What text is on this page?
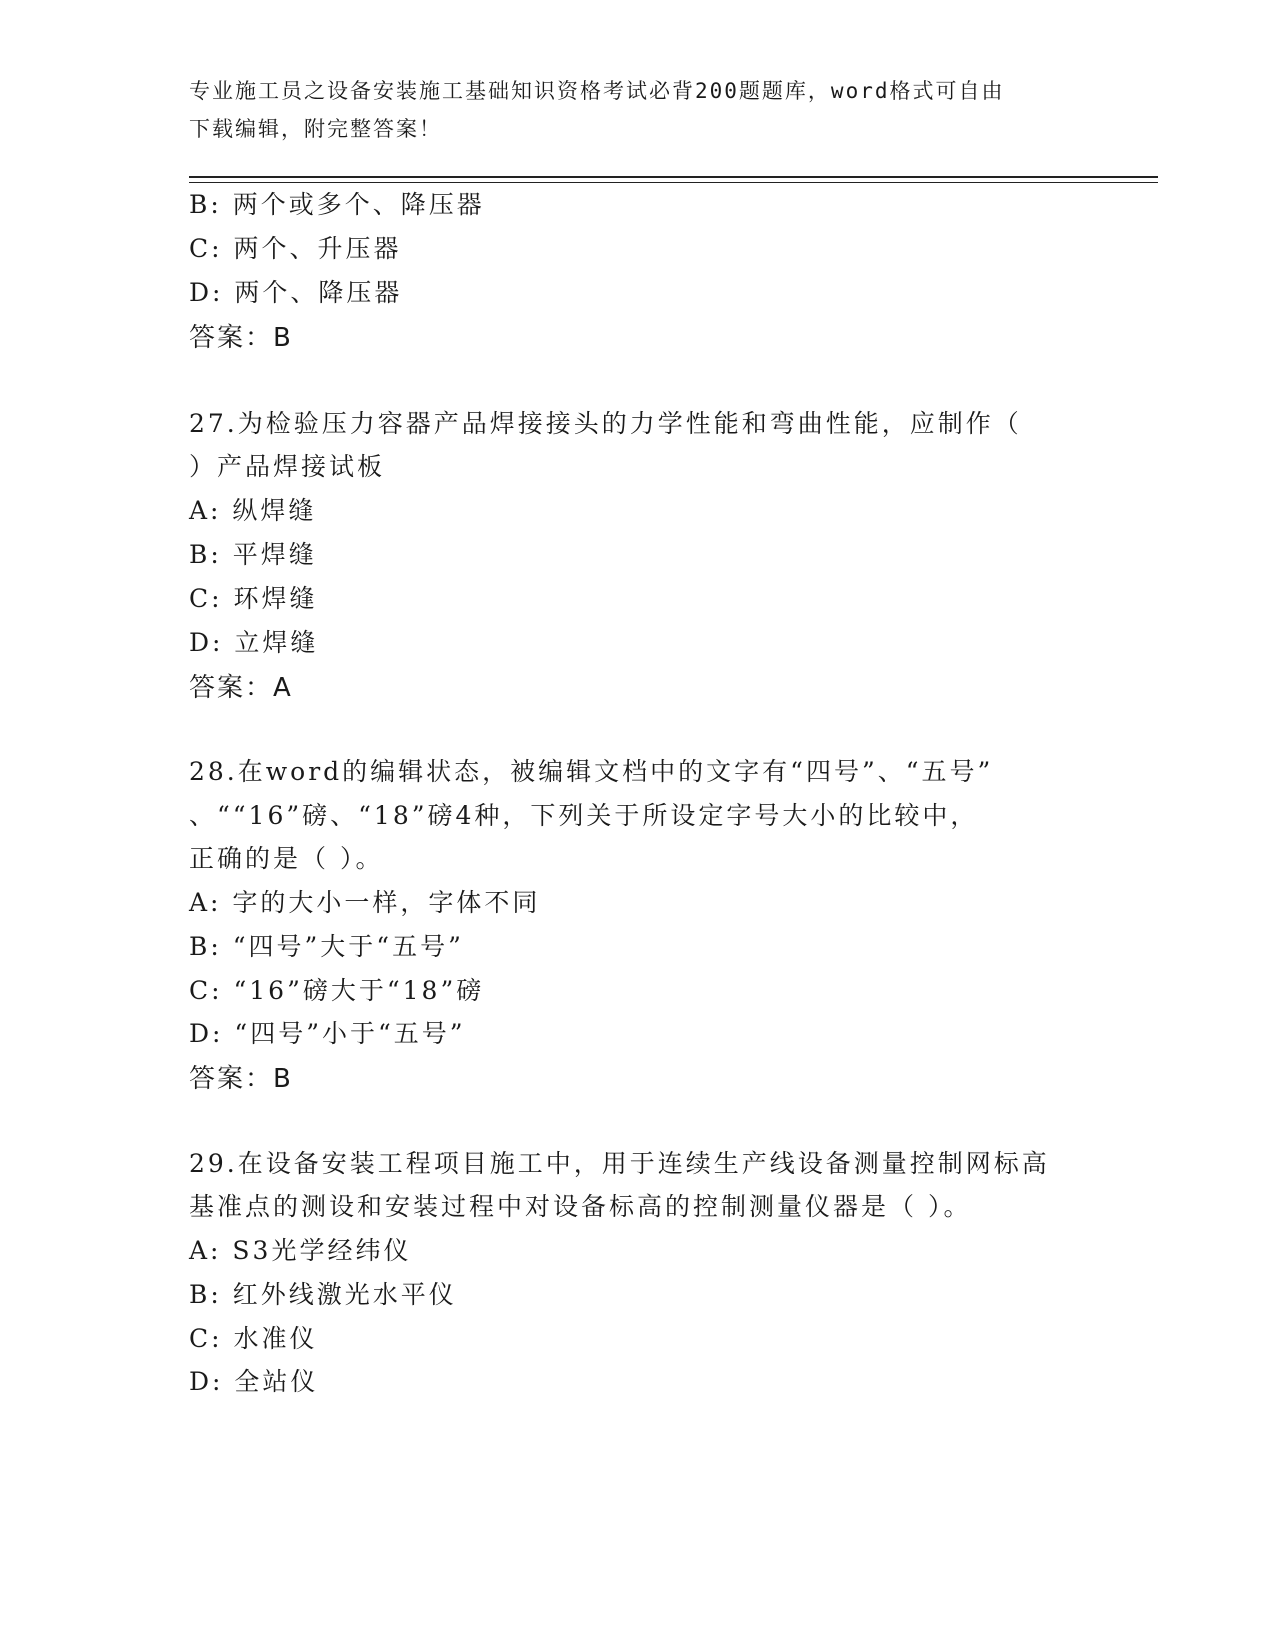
专业施工员之设备安装施工基础知识资格考试必背200题题库，word格式可自由
下载编辑，附完整答案！
B: 两个或多个、降压器
C: 两个、升压器
D: 两个、降压器
答案：B
27.为检验压力容器产品焊接接头的力学性能和弯曲性能，应制作（
）产品焊接试板
A: 纵焊缝
B: 平焊缝
C: 环焊缝
D: 立焊缝
答案：A
28.在word的编辑状态，被编辑文档中的文字有“四号”、“五号”
、““16”磅、“18”磅4种，下列关于所设定字号大小的比较中，
正确的是（ ）。
A: 字的大小一样，字体不同
B: “四号”大于“五号”
C: “16”磅大于“18”磅
D: “四号”小于“五号”
答案：B
29.在设备安装工程项目施工中，用于连续生产线设备测量控制网标高
基准点的测设和安装过程中对设备标高的控制测量仪器是（ ）。
A: S3光学经纬仪
B: 红外线激光水平仪
C: 水准仪
D: 全站仪
